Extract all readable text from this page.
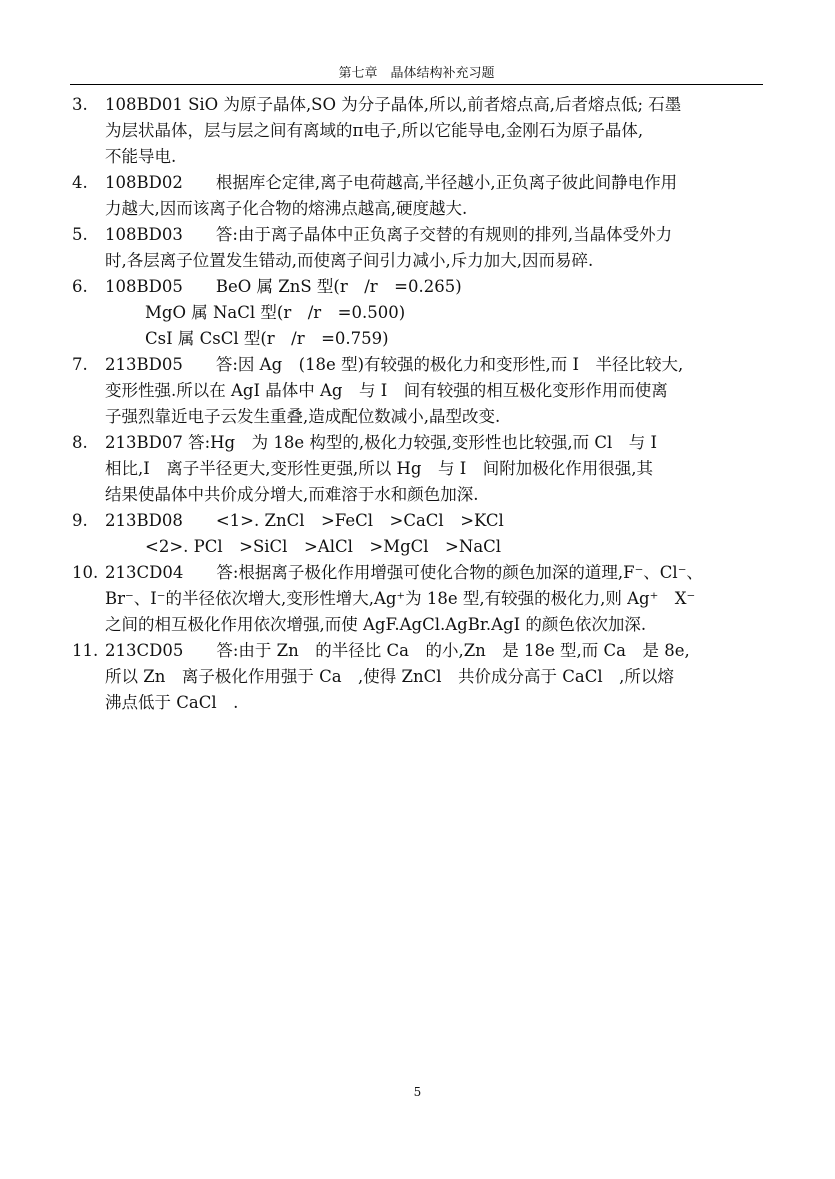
第七章　晶体结构补充习题
3. 108BD01 SiO 为原子晶体,SO 为分子晶体,所以,前者熔点高,后者熔点低; 石墨
为层状晶体，层与层之间有离域的π电子,所以它能导电,金刚石为原子晶体,
不能导电.
4. 108BD02　　根据库仑定律,离子电荷越高,半径越小,正负离子彼此间静电作用
力越大,因而该离子化合物的熔沸点越高,硬度越大.
5. 108BD03　　答:由于离子晶体中正负离子交替的有规则的排列,当晶体受外力
时,各层离子位置发生错动,而使离子间引力减小,斥力加大,因而易碎.
6. 108BD05　　BeO 属 ZnS 型(r　/r　=0.265)
MgO 属 NaCl 型(r　/r　=0.500)
CsI 属 CsCl 型(r　/r　=0.759)
7. 213BD05　　答:因 Ag　(18e 型)有较强的极化力和变形性,而 I　半径比较大,
变形性强.所以在 AgI 晶体中 Ag　与 I　间有较强的相互极化变形作用而使离
子强烈靠近电子云发生重叠,造成配位数减小,晶型改变.
8. 213BD07 答:Hg　为 18e 构型的,极化力较强,变形性也比较强,而 Cl　与 I
相比,I　离子半径更大,变形性更强,所以 Hg　与 I　间附加极化作用很强,其
结果使晶体中共价成分增大,而难溶于水和颜色加深.
9. 213BD08　　<1>. ZnCl　>FeCl　>CaCl　>KCl
<2>. PCl　>SiCl　>AlCl　>MgCl　>NaCl
10. 213CD04　　答:根据离子极化作用增强可使化合物的颜色加深的道理,F⁻、Cl⁻、
Br⁻、I⁻的半径依次增大,变形性增大,Ag⁺为 18e 型,有较强的极化力,则 Ag⁺　X⁻
之间的相互极化作用依次增强,而使 AgF.AgCl.AgBr.AgI 的颜色依次加深.
11. 213CD05　　答:由于 Zn　的半径比 Ca　的小,Zn　是 18e 型,而 Ca　是 8e,
所以 Zn　离子极化作用强于 Ca　,使得 ZnCl　共价成分高于 CaCl　,所以熔
沸点低于 CaCl　.
5
